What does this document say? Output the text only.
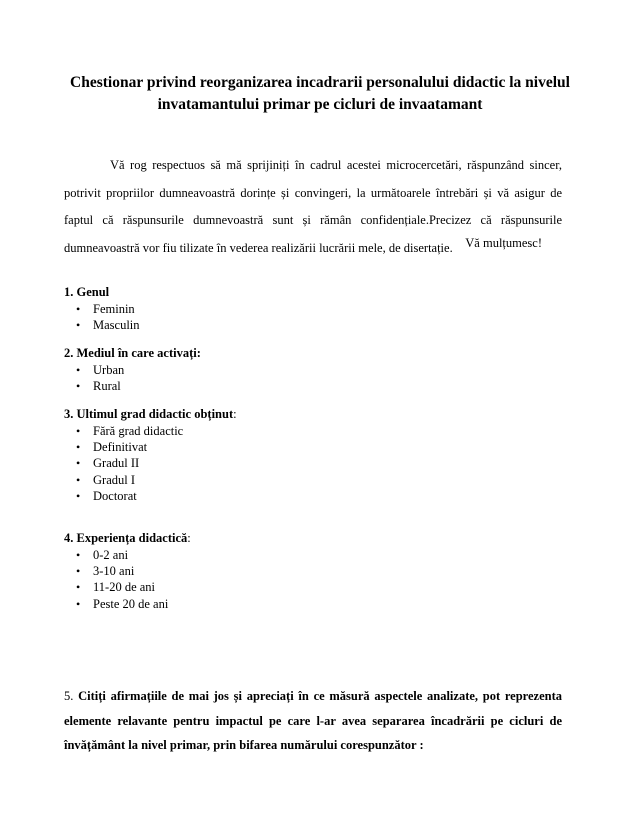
Chestionar privind reorganizarea incadrarii personalului didactic la nivelul invatamantului primar pe cicluri de invaatamant
Vă rog respectuos să mă sprijiniți în cadrul acestei microcercetări, răspunzând sincer, potrivit propriilor dumneavoastră dorințe și convingeri, la următoarele întrebări și vă asigur de faptul că răspunsurile dumnevoastră sunt și rămân confidențiale.Precizez că răspunsurile dumneavoastră vor fiu tilizate în vederea realizării lucrării mele, de disertație.	Vă mulțumesc!
1. Genul
• Feminin
• Masculin
2. Mediul în care activați:
• Urban
• Rural
3. Ultimul grad didactic obținut:
• Fără grad didactic
• Definitivat
• Gradul II
• Gradul I
• Doctorat
4. Experiența didactică:
• 0-2 ani
• 3-10 ani
• 11-20 de ani
• Peste 20 de ani
5. Citiți afirmațiile de mai jos și apreciați în ce măsură aspectele analizate, pot reprezenta elemente relavante pentru impactul pe care l-ar avea separarea încadrării pe cicluri de învățământ la nivel primar, prin bifarea numărului corespunzător :
